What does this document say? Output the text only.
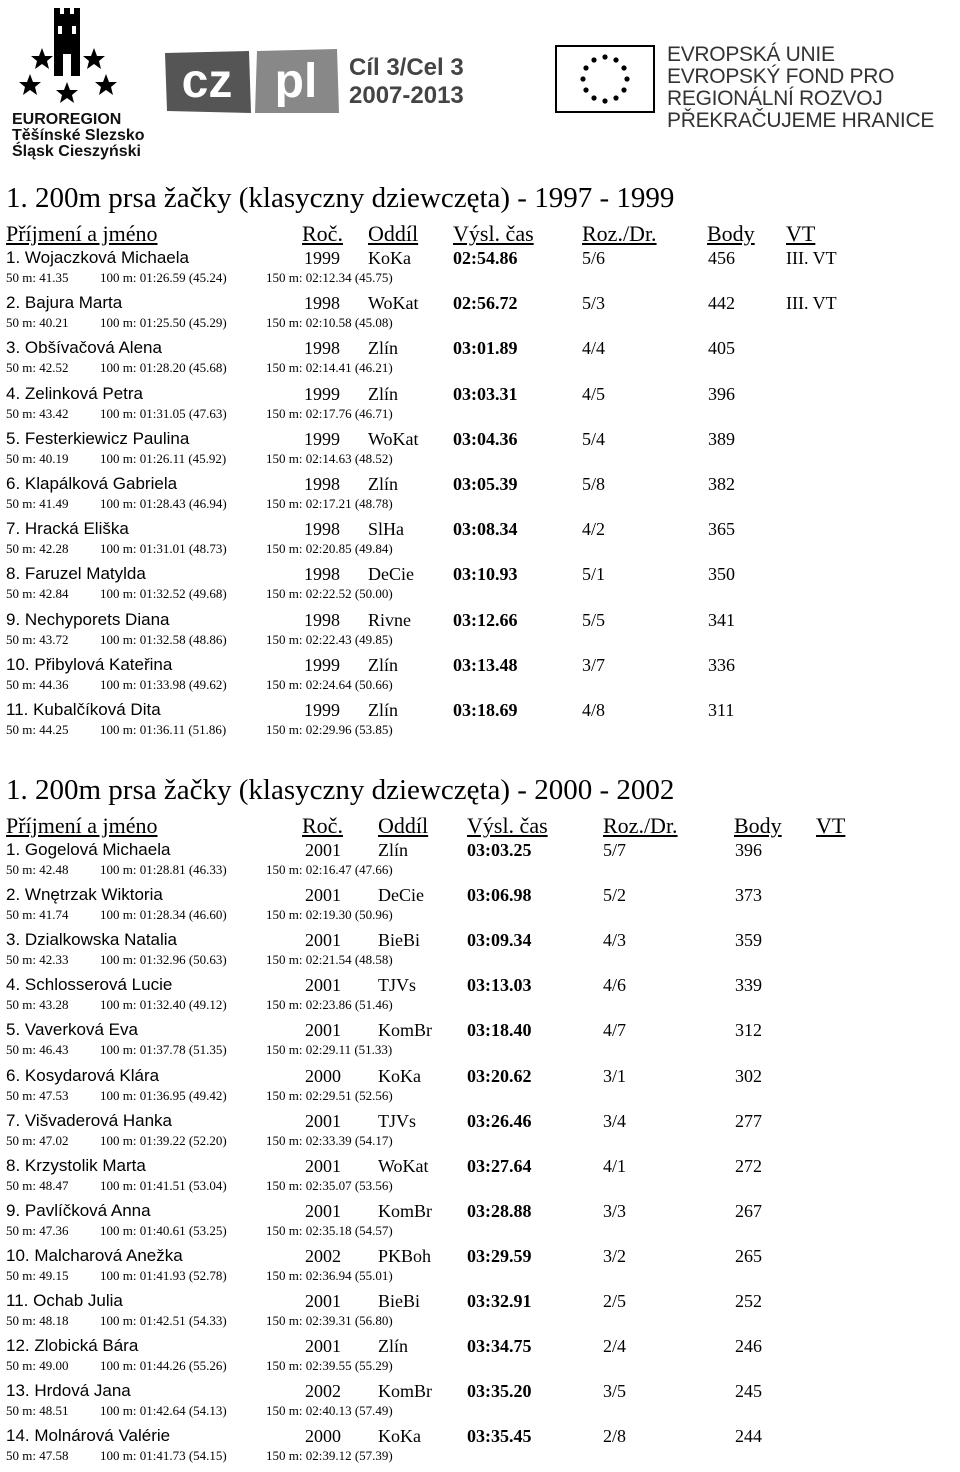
EUROREGION
Těšínské Slezsko
Śląsk Cieszyński
cz pl Cíl 3/Cel 3
2007-2013
EVROPSKÁ UNIE
EVROPSKÝ FOND PRO REGIONÁLNÍ ROZVOJ
PŘEKRAČUJEME HRANICE
1. 200m prsa žačky (klasyczny dziewczęta) - 1997 - 1999
Příjmení a jméno	Roč. Oddíl Výsl. čas Roz./Dr. Body VT
1. Wojaczková Michaela	1999 KoKa 02:54.86	5/6	456	III. VT
50 m: 41.35 100 m: 01:26.59 (45.24)	150 m: 02:12.34 (45.75)
2. Bajura Marta	1998 WoKat 02:56.72	5/3	442	III. VT
50 m: 40.21 100 m: 01:25.50 (45.29)	150 m: 02:10.58 (45.08)
3. Obšívačová Alena	1998 Zlín	03:01.89	4/4	405
50 m: 42.52 100 m: 01:28.20 (45.68)	150 m: 02:14.41 (46.21)
4. Zelinková Petra	1999 Zlín	03:03.31	4/5	396
50 m: 43.42 100 m: 01:31.05 (47.63)	150 m: 02:17.76 (46.71)
5. Festerkiewicz Paulina	1999 WoKat 03:04.36	5/4	389
50 m: 40.19 100 m: 01:26.11 (45.92)	150 m: 02:14.63 (48.52)
6. Klapálková Gabriela	1998 Zlín	03:05.39	5/8	382
50 m: 41.49 100 m: 01:28.43 (46.94)	150 m: 02:17.21 (48.78)
7. Hracká Eliška	1998 SlHa	03:08.34	4/2	365
50 m: 42.28 100 m: 01:31.01 (48.73)	150 m: 02:20.85 (49.84)
8. Faruzel Matylda	1998 DeCie 03:10.93	5/1	350
50 m: 42.84 100 m: 01:32.52 (49.68)	150 m: 02:22.52 (50.00)
9. Nechyporets Diana	1998 Rivne 03:12.66	5/5	341
50 m: 43.72 100 m: 01:32.58 (48.86)	150 m: 02:22.43 (49.85)
10. Přibylová Kateřina	1999 Zlín	03:13.48	3/7	336
50 m: 44.36 100 m: 01:33.98 (49.62)	150 m: 02:24.64 (50.66)
11. Kubalčíková Dita	1999 Zlín	03:18.69	4/8	311
50 m: 44.25 100 m: 01:36.11 (51.86)	150 m: 02:29.96 (53.85)
1. 200m prsa žačky (klasyczny dziewczęta) - 2000 - 2002
Příjmení a jméno	Roč. Oddíl Výsl. čas	Roz./Dr.	Body VT
1. Gogelová Michaela	2001 Zlín	03:03.25	5/7	396
50 m: 42.48 100 m: 01:28.81 (46.33)	150 m: 02:16.47 (47.66)
2. Wnętrzak Wiktoria	2001 DeCie 03:06.98	5/2	373
50 m: 41.74 100 m: 01:28.34 (46.60)	150 m: 02:19.30 (50.96)
3. Dzialkowska Natalia	2001 BieBi	03:09.34	4/3	359
50 m: 42.33 100 m: 01:32.96 (50.63)	150 m: 02:21.54 (48.58)
4. Schlosserová Lucie	2001 TJVs	03:13.03	4/6	339
50 m: 43.28 100 m: 01:32.40 (49.12)	150 m: 02:23.86 (51.46)
5. Vaverková Eva	2001 KomBr 03:18.40	4/7	312
50 m: 46.43 100 m: 01:37.78 (51.35)	150 m: 02:29.11 (51.33)
6. Kosydarová Klára	2000 KoKa	03:20.62	3/1	302
50 m: 47.53 100 m: 01:36.95 (49.42)	150 m: 02:29.51 (52.56)
7. Višvaderová Hanka	2001 TJVs	03:26.46	3/4	277
50 m: 47.02 100 m: 01:39.22 (52.20)	150 m: 02:33.39 (54.17)
8. Krzystolik Marta	2001 WoKat 03:27.64	4/1	272
50 m: 48.47 100 m: 01:41.51 (53.04)	150 m: 02:35.07 (53.56)
9. Pavlíčková Anna	2001 KomBr 03:28.88	3/3	267
50 m: 47.36 100 m: 01:40.61 (53.25)	150 m: 02:35.18 (54.57)
10. Malcharová Anežka	2002 PKBoh 03:29.59	3/2	265
50 m: 49.15 100 m: 01:41.93 (52.78)	150 m: 02:36.94 (55.01)
11. Ochab Julia	2001 BieBi	03:32.91	2/5	252
50 m: 48.18 100 m: 01:42.51 (54.33)	150 m: 02:39.31 (56.80)
12. Zlobická Bára	2001 Zlín	03:34.75	2/4	246
50 m: 49.00 100 m: 01:44.26 (55.26)	150 m: 02:39.55 (55.29)
13. Hrdová Jana	2002 KomBr 03:35.20	3/5	245
50 m: 48.51 100 m: 01:42.64 (54.13)	150 m: 02:40.13 (57.49)
14. Molnárová Valérie	2000 KoKa	03:35.45	2/8	244
50 m: 47.58 100 m: 01:41.73 (54.15)	150 m: 02:39.12 (57.39)
